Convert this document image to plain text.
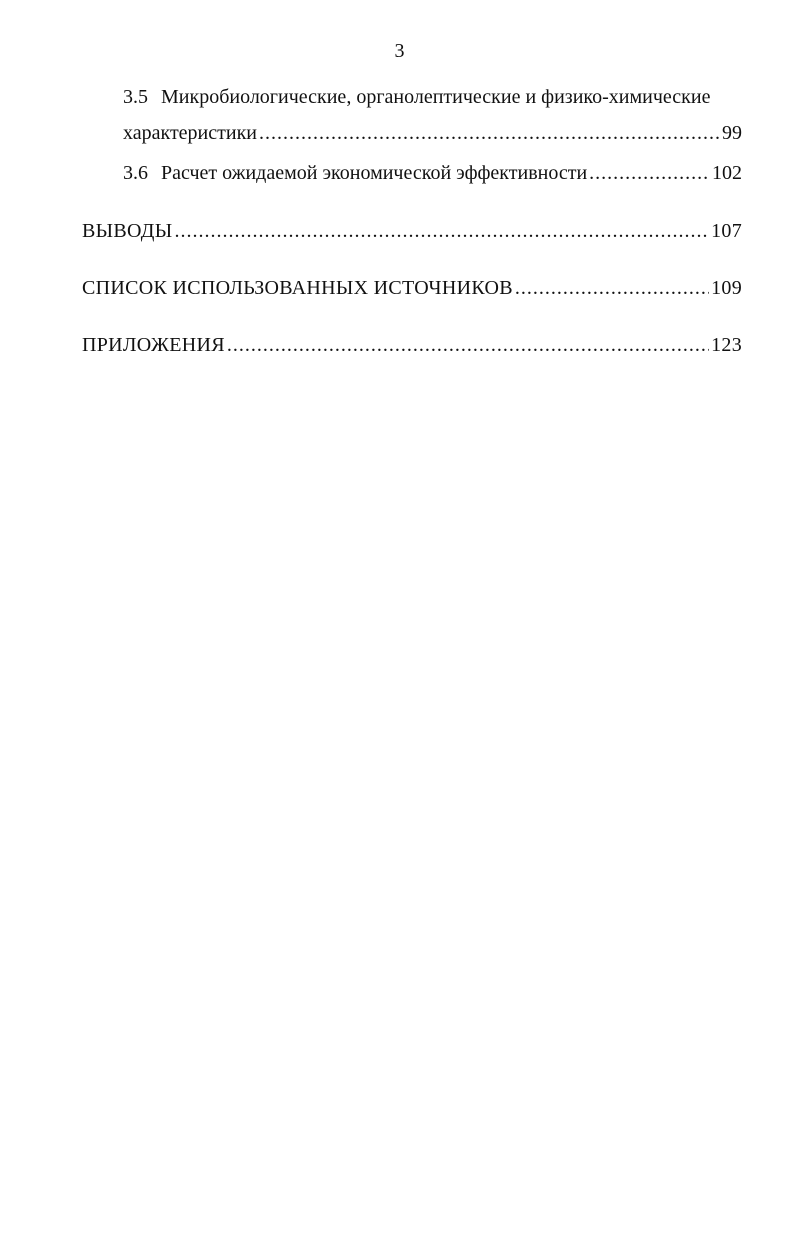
3
3.5 Микробиологические, органолептические и физико-химические
характеристики .....	99
3.6 Расчет ожидаемой экономической эффективности .....	102
ВЫВОДЫ .....	107
СПИСОК ИСПОЛЬЗОВАННЫХ ИСТОЧНИКОВ .....	109
ПРИЛОЖЕНИЯ .....	123
